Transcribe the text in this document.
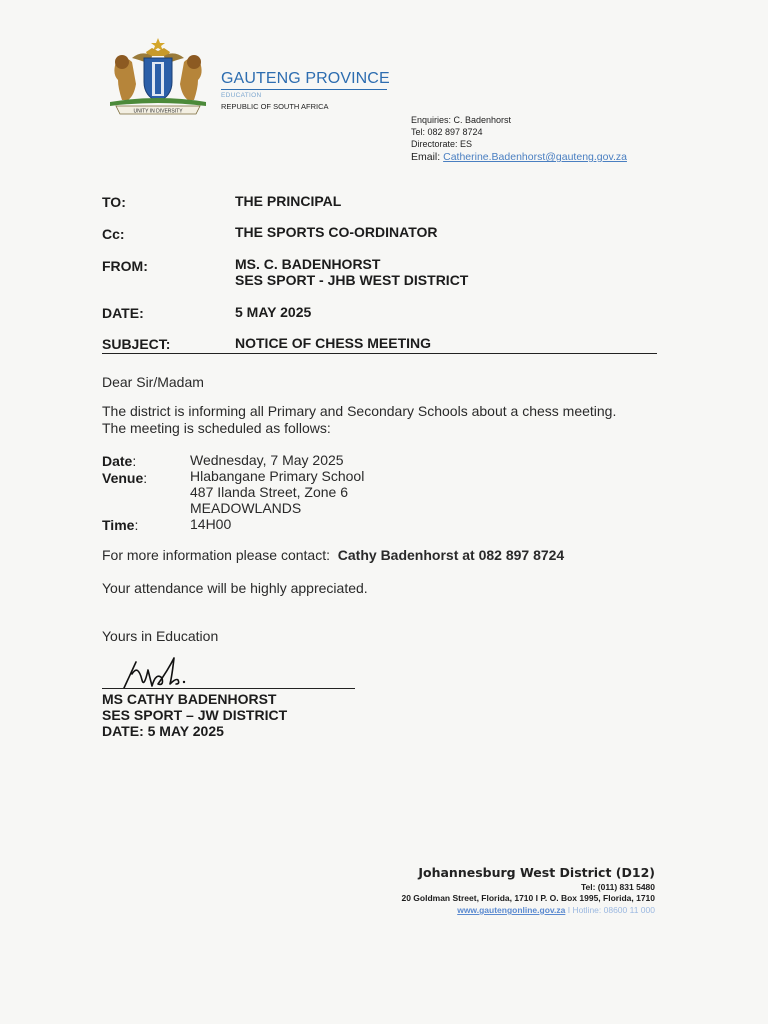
UNITY IN DIVERSITY
GAUTENG PROVINCE
EDUCATION
REPUBLIC OF SOUTH AFRICA
Enquiries: C. Badenhorst
Tel: 082 897 8724
Directorate: ES
Email: Catherine.Badenhorst@gauteng.gov.za
TO:	THE PRINCIPAL
Cc:	THE SPORTS CO-ORDINATOR
FROM:	MS. C. BADENHORST
SES SPORT - JHB WEST DISTRICT
DATE:	5 MAY 2025
SUBJECT:	NOTICE OF CHESS MEETING
Dear Sir/Madam
The district is informing all Primary and Secondary Schools about a chess meeting.
The meeting is scheduled as follows:
Date:	Wednesday, 7 May 2025
Venue:	Hlabangane Primary School
487 Ilanda Street, Zone 6
MEADOWLANDS
Time:	14H00
For more information please contact: Cathy Badenhorst at 082 897 8724
Your attendance will be highly appreciated.
Yours in Education
MS CATHY BADENHORST
SES SPORT – JW DISTRICT
DATE: 5 MAY 2025
Johannesburg West District (D12)
Tel: (011) 831 5480
20 Goldman Street, Florida, 1710 I P. O. Box 1995, Florida, 1710
www.gautengonline.gov.za I Hotline: 08600 11 000
